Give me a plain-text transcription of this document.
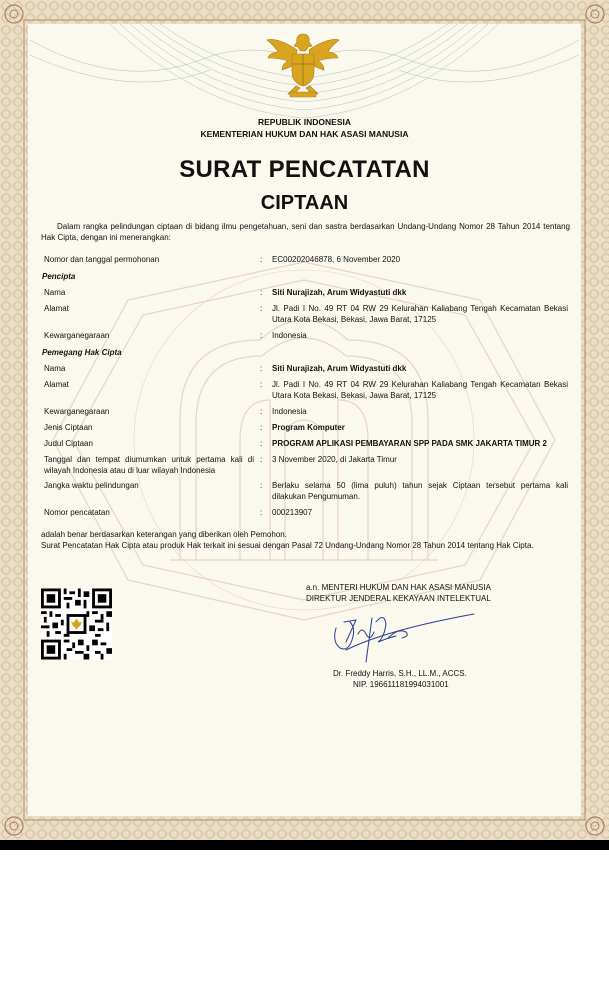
REPUBLIK INDONESIA
KEMENTERIAN HUKUM DAN HAK ASASI MANUSIA
SURAT PENCATATAN
CIPTAAN
Dalam rangka pelindungan ciptaan di bidang ilmu pengetahuan, seni dan sastra berdasarkan Undang-Undang Nomor 28 Tahun 2014 tentang Hak Cipta, dengan ini menerangkan:
Nomor dan tanggal permohonan	: EC00202046878, 6 November 2020
Pencipta
Nama	: Siti Nurajizah, Arum Widyastuti dkk
Alamat	: Jl. Padi I No. 49 RT 04 RW 29 Kelurahan Kaliabang Tengah Kecamatan Bekasi Utara Kota Bekasi, Bekasi, Jawa Barat, 17125
Kewarganegaraan	: Indonesia
Pemegang Hak Cipta
Nama	: Siti Nurajizah, Arum Widyastuti dkk
Alamat	: Jl. Padi I No. 49 RT 04 RW 29 Kelurahan Kaliabang Tengah Kecamatan Bekasi Utara Kota Bekasi, Bekasi, Jawa Barat, 17125
Kewarganegaraan	: Indonesia
Jenis Ciptaan	: Program Komputer
Judul Ciptaan	: PROGRAM APLIKASI PEMBAYARAN SPP PADA SMK JAKARTA TIMUR 2
Tanggal dan tempat diumumkan untuk pertama kali di wilayah Indonesia atau di luar wilayah Indonesia
: 3 November 2020, di Jakarta Timur
Jangka waktu pelindungan	: Berlaku selama 50 (lima puluh) tahun sejak Ciptaan tersebut pertama kali dilakukan Pengumuman.
Nomor pencatatan	: 000213907
adalah benar berdasarkan keterangan yang diberikan oleh Pemohon.
Surat Pencatatan Hak Cipta atau produk Hak terkait ini sesuai dengan Pasal 72 Undang-Undang Nomor 28 Tahun 2014 tentang Hak Cipta.
a.n. MENTERI HUKUM DAN HAK ASASI MANUSIA
DIREKTUR JENDERAL KEKAYAAN INTELEKTUAL
Dr. Freddy Harris, S.H., LL.M., ACCS.
NIP. 196611181994031001
